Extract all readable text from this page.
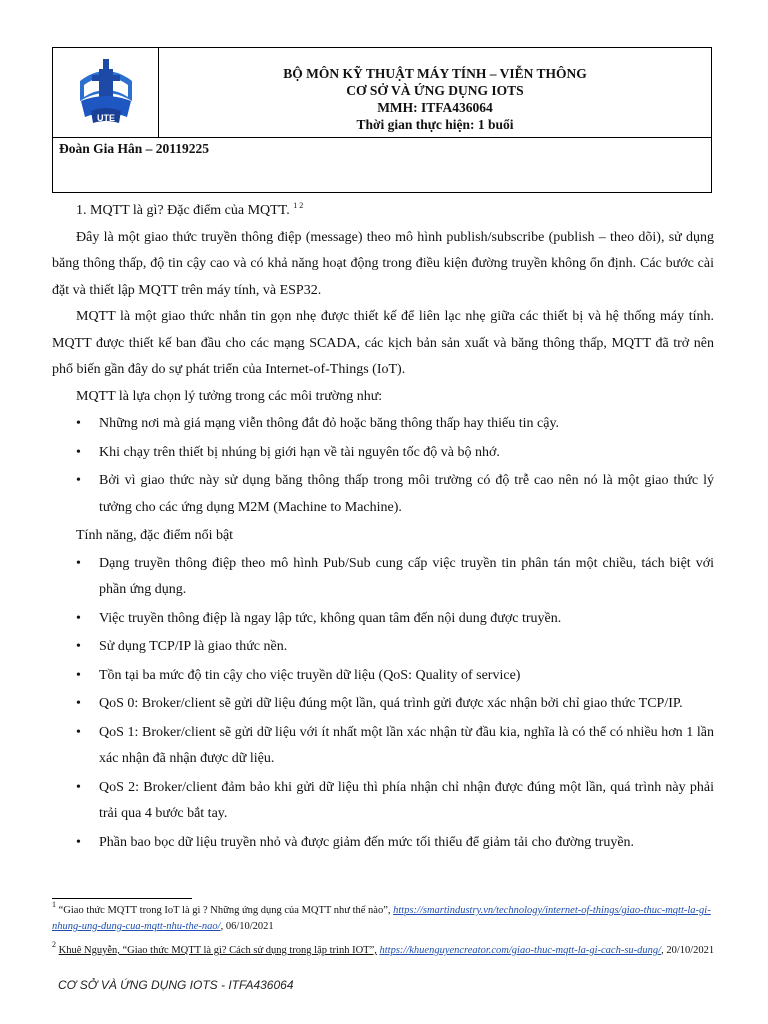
UTE
BỘ MÔN KỸ THUẬT MÁY TÍNH – VIỄN THÔNG
CƠ SỞ VÀ ỨNG DỤNG IOTS
MMH: ITFA436064
Thời gian thực hiện: 1 buổi
Đoàn Gia Hân – 20119225

1. MQTT là gì? Đặc điểm của MQTT. $^{1 2}$

Đây là một giao thức truyền thông điệp (message) theo mô hình publish/subscribe (publish – theo dõi), sử dụng băng thông thấp, độ tin cậy cao và có khả năng hoạt động trong điều kiện đường truyền không ổn định. Các bước cài đặt và thiết lập MQTT trên máy tính, và ESP32.

MQTT là một giao thức nhắn tin gọn nhẹ được thiết kế để liên lạc nhẹ giữa các thiết bị và hệ thống máy tính. MQTT được thiết kế ban đầu cho các mạng SCADA, các kịch bản sản xuất và băng thông thấp, MQTT đã trở nên phổ biến gần đây do sự phát triển của Internet-of-Things (IoT).

MQTT là lựa chọn lý tưởng trong các môi trường như:

• Những nơi mà giá mạng viễn thông đắt đỏ hoặc băng thông thấp hay thiếu tin cậy.
• Khi chạy trên thiết bị nhúng bị giới hạn về tài nguyên tốc độ và bộ nhớ.
• Bởi vì giao thức này sử dụng băng thông thấp trong môi trường có độ trễ cao nên nó là một giao thức lý tưởng cho các ứng dụng M2M (Machine to Machine).

Tính năng, đặc điểm nổi bật

• Dạng truyền thông điệp theo mô hình Pub/Sub cung cấp việc truyền tin phân tán một chiều, tách biệt với phần ứng dụng.
• Việc truyền thông điệp là ngay lập tức, không quan tâm đến nội dung được truyền.
• Sử dụng TCP/IP là giao thức nền.
• Tồn tại ba mức độ tin cậy cho việc truyền dữ liệu (QoS: Quality of service)
• QoS 0: Broker/client sẽ gửi dữ liệu đúng một lần, quá trình gửi được xác nhận bởi chỉ giao thức TCP/IP.
• QoS 1: Broker/client sẽ gửi dữ liệu với ít nhất một lần xác nhận từ đầu kia, nghĩa là có thể có nhiều hơn 1 lần xác nhận đã nhận được dữ liệu.
• QoS 2: Broker/client đảm bảo khi gửi dữ liệu thì phía nhận chỉ nhận được đúng một lần, quá trình này phải trải qua 4 bước bắt tay.
• Phần bao bọc dữ liệu truyền nhỏ và được giảm đến mức tối thiểu để giảm tải cho đường truyền.

$^1$ “Giao thức MQTT trong IoT là gì ? Những ứng dụng của MQTT như thế nào”, https://smartindustry.vn/technology/internet-of-things/giao-thuc-mqtt-la-gi-nhung-ung-dung-cua-mqtt-nhu-the-nao/, 06/10/2021

$^2$ Khuê Nguyễn, “Giao thức MQTT là gì? Cách sử dụng trong lập trình IOT”, https://khuenguyencreator.com/giao-thuc-mqtt-la-gi-cach-su-dung/, 20/10/2021

CƠ SỞ VÀ ỨNG DỤNG IOTS - ITFA436064
